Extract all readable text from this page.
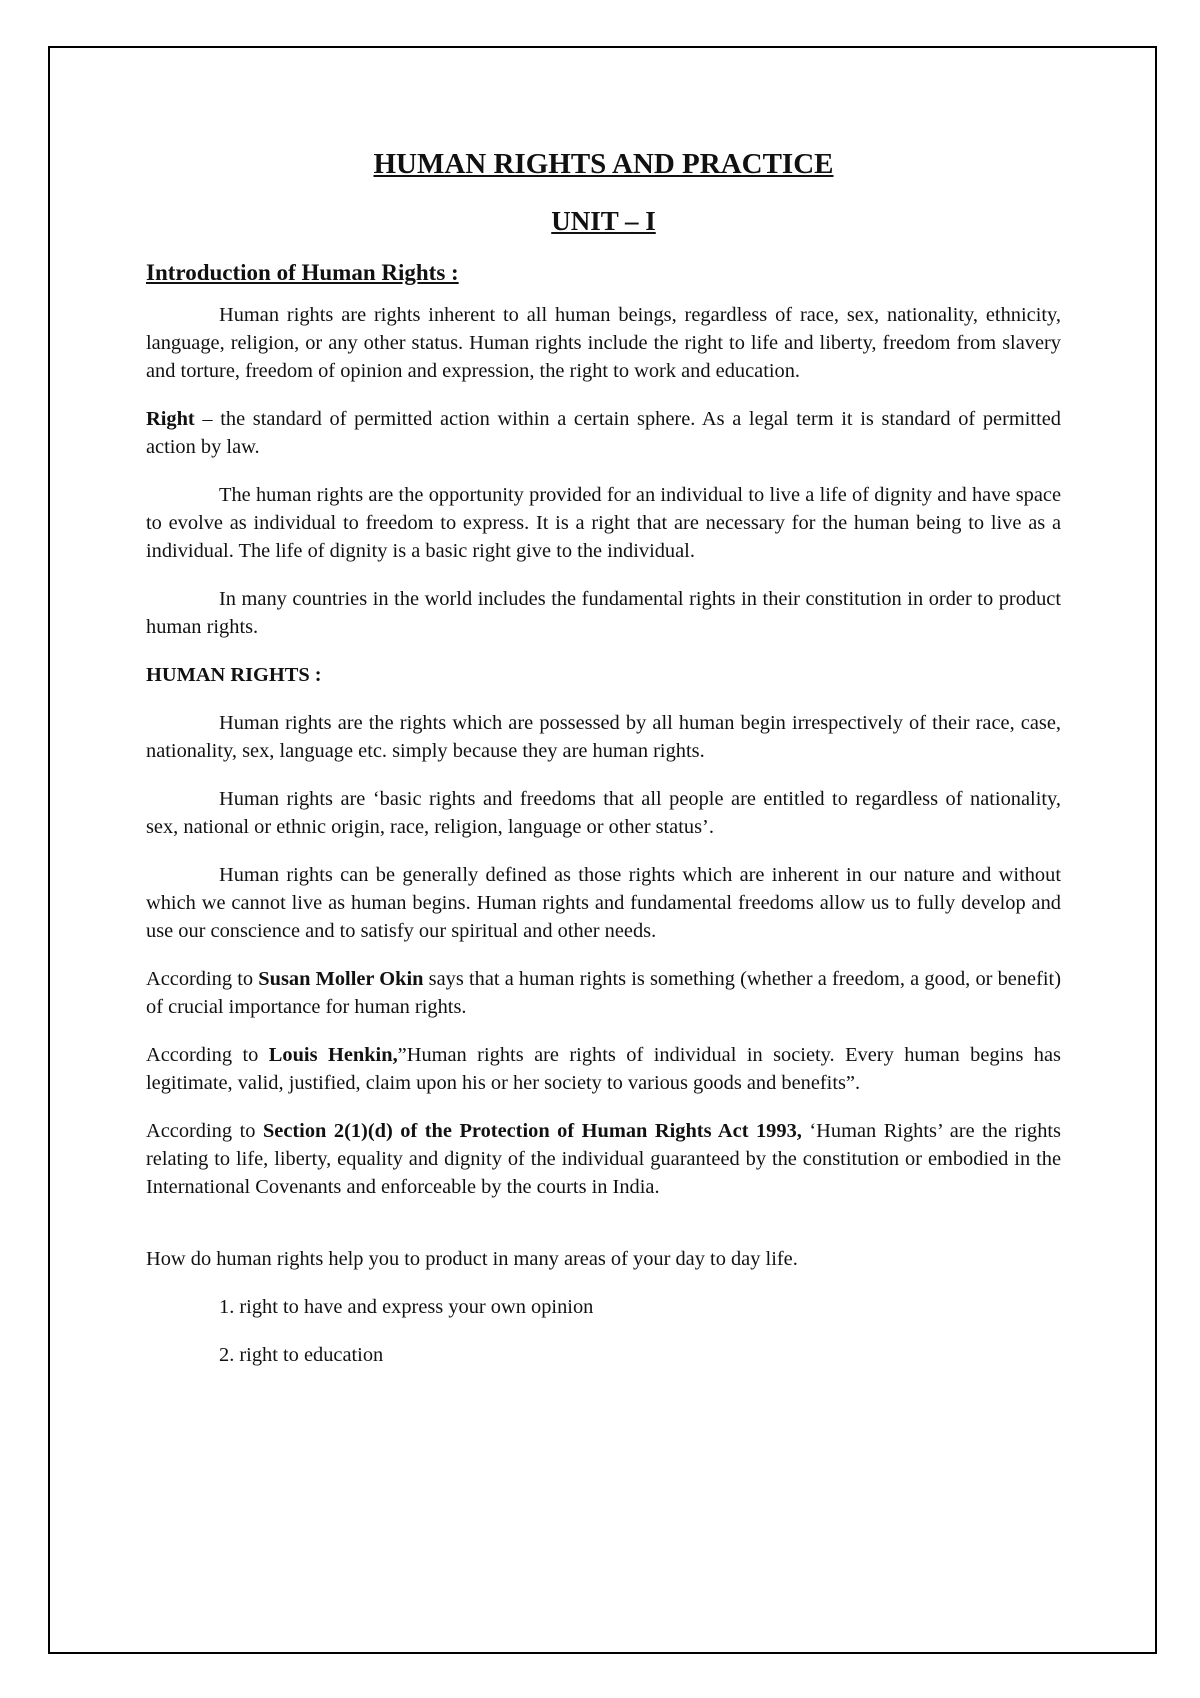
HUMAN RIGHTS AND PRACTICE
UNIT – I
Introduction of Human Rights :

Human rights are rights inherent to all human beings, regardless of race, sex, nationality, ethnicity, language, religion, or any other status. Human rights include the right to life and liberty, freedom from slavery and torture, freedom of opinion and expression, the right to work and education.

Right – the standard of permitted action within a certain sphere. As a legal term it is standard of permitted action by law.

The human rights are the opportunity provided for an individual to live a life of dignity and have space to evolve as individual to freedom to express. It is a right that are necessary for the human being to live as a individual. The life of dignity is a basic right give to the individual.

In many countries in the world includes the fundamental rights in their constitution in order to product human rights.

HUMAN RIGHTS :

Human rights are the rights which are possessed by all human begin irrespectively of their race, case, nationality, sex, language etc. simply because they are human rights.

Human rights are ‘basic rights and freedoms that all people are entitled to regardless of nationality, sex, national or ethnic origin, race, religion, language or other status’.

Human rights can be generally defined as those rights which are inherent in our nature and without which we cannot live as human begins. Human rights and fundamental freedoms allow us to fully develop and use our conscience and to satisfy our spiritual and other needs.

According to Susan Moller Okin says that a human rights is something (whether a freedom, a good, or benefit) of crucial importance for human rights.

According to Louis Henkin,”Human rights are rights of individual in society. Every human begins has legitimate, valid, justified, claim upon his or her society to various goods and benefits”.

According to Section 2(1)(d) of the Protection of Human Rights Act 1993, ‘Human Rights’ are the rights relating to life, liberty, equality and dignity of the individual guaranteed by the constitution or embodied in the International Covenants and enforceable by the courts in India.

How do human rights help you to product in many areas of your day to day life.

1. right to have and express your own opinion

2. right to education
